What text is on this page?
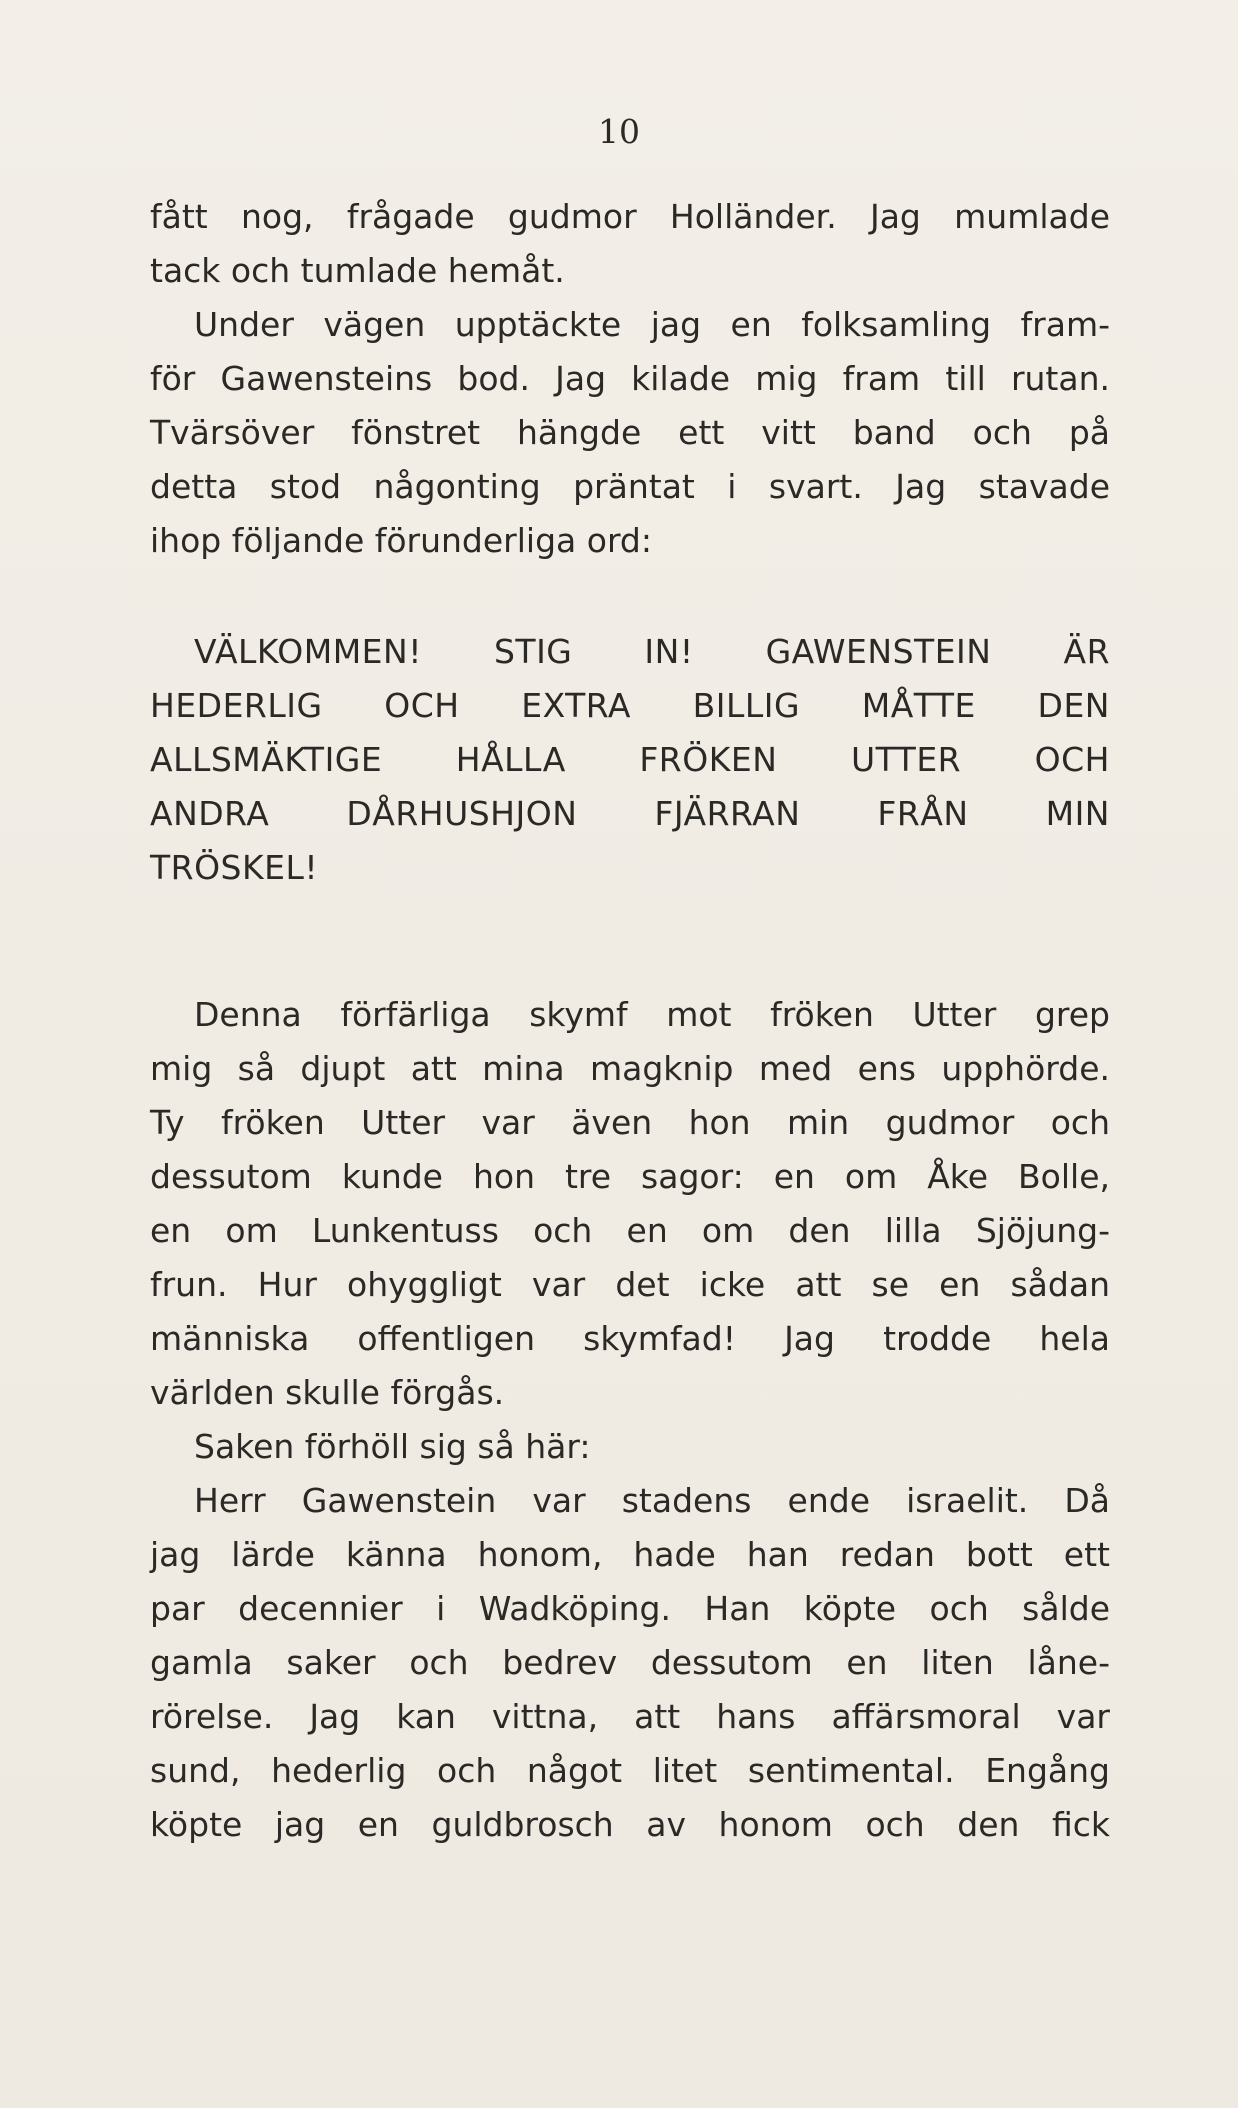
10
fått nog, frågade gudmor Holländer. Jag mumlade
tack och tumlade hemåt.
Under vägen upptäckte jag en folksamling fram-
för Gawensteins bod. Jag kilade mig fram till rutan.
Tvärsöver fönstret hängde ett vitt band och på
detta stod någonting präntat i svart. Jag stavade
ihop följande förunderliga ord:
VÄLKOMMEN! STIG IN! GAWENSTEIN ÄR
HEDERLIG OCH EXTRA BILLIG MÅTTE DEN
ALLSMÄKTIGE HÅLLA FRÖKEN UTTER OCH
ANDRA DÅRHUSHJON FJÄRRAN FRÅN MIN
TRÖSKEL!
Denna förfärliga skymf mot fröken Utter grep
mig så djupt att mina magknip med ens upphörde.
Ty fröken Utter var även hon min gudmor och
dessutom kunde hon tre sagor: en om Åke Bolle,
en om Lunkentuss och en om den lilla Sjöjung-
frun. Hur ohyggligt var det icke att se en sådan
människa offentligen skymfad! Jag trodde hela
världen skulle förgås.
Saken förhöll sig så här:
Herr Gawenstein var stadens ende israelit. Då
jag lärde känna honom, hade han redan bott ett
par decennier i Wadköping. Han köpte och sålde
gamla saker och bedrev dessutom en liten låne-
rörelse. Jag kan vittna, att hans affärsmoral var
sund, hederlig och något litet sentimental. Engång
köpte jag en guldbrosch av honom och den fick
